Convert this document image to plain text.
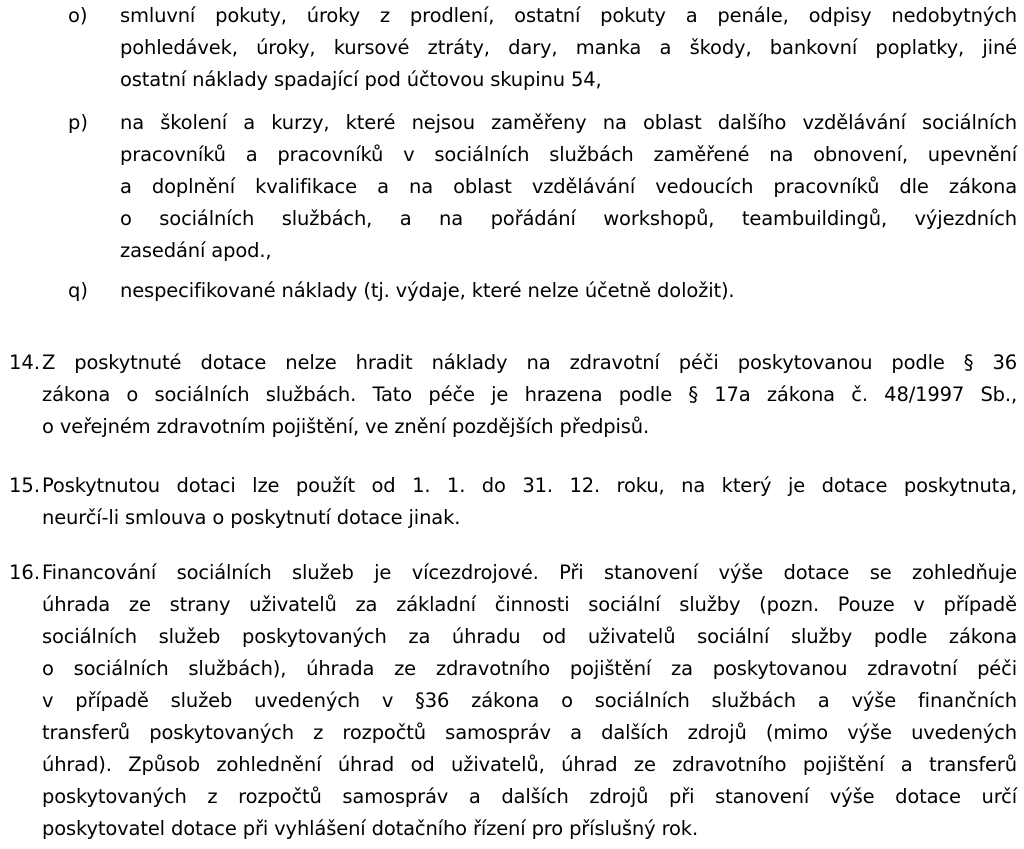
o) smluvní pokuty, úroky z prodlení, ostatní pokuty a penále, odpisy nedobytných
pohledávek, úroky, kursové ztráty, dary, manka a škody, bankovní poplatky, jiné
ostatní náklady spadající pod účtovou skupinu 54,
p) na školení a kurzy, které nejsou zaměřeny na oblast dalšího vzdělávání sociálních
pracovníků a pracovníků v sociálních službách zaměřené na obnovení, upevnění
a doplnění kvalifikace a na oblast vzdělávání vedoucích pracovníků dle zákona
o sociálních službách, a na pořádání workshopů, teambuildingů, výjezdních
zasedání apod.,
q) nespecifikované náklady (tj. výdaje, které nelze účetně doložit).
14. Z poskytnuté dotace nelze hradit náklady na zdravotní péči poskytovanou podle § 36
zákona o sociálních službách. Tato péče je hrazena podle § 17a zákona č. 48/1997 Sb.,
o veřejném zdravotním pojištění, ve znění pozdějších předpisů.
15. Poskytnutou dotaci lze použít od 1. 1. do 31. 12. roku, na který je dotace poskytnuta,
neurčí-li smlouva o poskytnutí dotace jinak.
16. Financování sociálních služeb je vícezdrojové. Při stanovení výše dotace se zohledňuje
úhrada ze strany uživatelů za základní činnosti sociální služby (pozn. Pouze v případě
sociálních služeb poskytovaných za úhradu od uživatelů sociální služby podle zákona
o sociálních službách), úhrada ze zdravotního pojištění za poskytovanou zdravotní péči
v případě služeb uvedených v §36 zákona o sociálních službách a výše finančních
transferů poskytovaných z rozpočtů samospráv a dalších zdrojů (mimo výše uvedených
úhrad). Způsob zohlednění úhrad od uživatelů, úhrad ze zdravotního pojištění a transferů
poskytovaných z rozpočtů samospráv a dalších zdrojů při stanovení výše dotace určí
poskytovatel dotace při vyhlášení dotačního řízení pro příslušný rok.
